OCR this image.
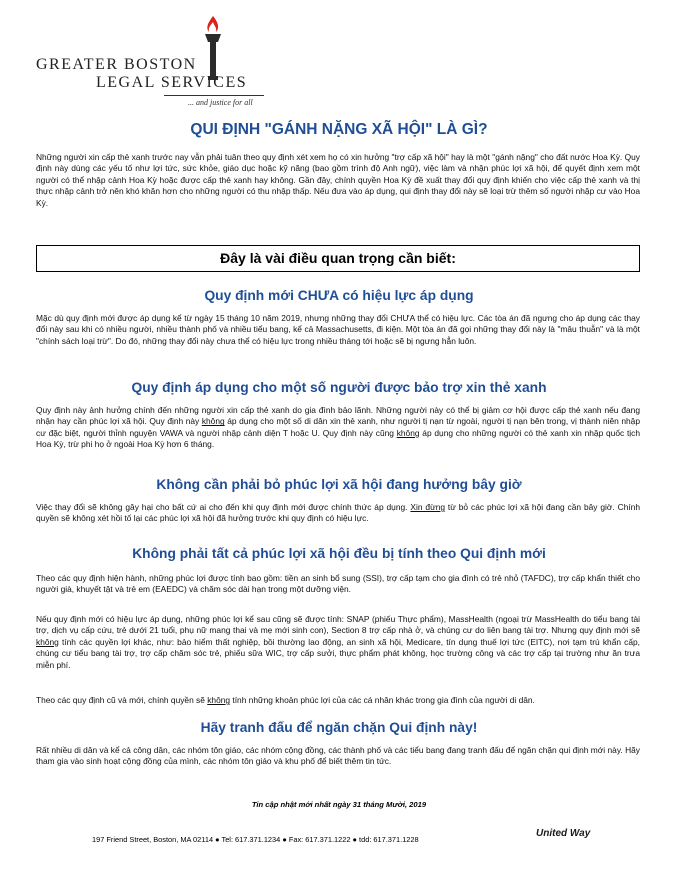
GREATER BOSTON
LEGAL SERVICES
... and justice for all
QUI ĐỊNH "GÁNH NẶNG XÃ HỘI" LÀ GÌ?

Những người xin cấp thẻ xanh trước nay vẫn phải tuân theo quy định xét xem họ có xin hưởng "trợ cấp xã hội" hay là một "gánh nặng" cho đất nước Hoa Kỳ. Quy định này dùng các yếu tố như lợi tức, sức khỏe, giáo dục hoặc kỹ năng (bao gồm trình độ Anh ngữ), việc làm và nhận phúc lợi xã hội, để quyết định xem một người có thể nhập cảnh Hoa Kỳ hoặc được cấp thẻ xanh hay không. Gần đây, chính quyền Hoa Kỳ đề xuất thay đổi quy định khiến cho việc cấp thẻ xanh và thị thực nhập cảnh trở nên khó khăn hơn cho những người có thu nhập thấp. Nếu đưa vào áp dụng, qui định thay đổi này sẽ loại trừ thêm số người nhập cư vào Hoa Kỳ.

Đây là vài điều quan trọng cần biết:
Quy định mới CHƯA có hiệu lực áp dụng

Mặc dù quy định mới được áp dụng kể từ ngày 15 tháng 10 năm 2019, nhưng những thay đổi CHƯA thể có hiệu lực. Các tòa án đã ngưng cho áp dụng các thay đổi này sau khi có nhiều người, nhiều thành phố và nhiều tiểu bang, kể cả Massachusetts, đi kiện. Một tòa án đã gọi những thay đổi này là "mâu thuẫn" và là một "chính sách loại trừ". Do đó, những thay đổi này chưa thể có hiệu lực trong nhiều tháng tới hoặc sẽ bị ngưng hẳn luôn.

Quy định áp dụng cho một số người được bảo trợ xin thẻ xanh

Quy định này ảnh hưởng chính đến những người xin cấp thẻ xanh do gia đình bảo lãnh. Những người này có thể bị giảm cơ hội được cấp thẻ xanh nếu đang nhận hay cần phúc lợi xã hội. Quy định này không áp dụng cho một số di dân xin thẻ xanh, như người tị nạn từ ngoài, người tị nạn bên trong, vị thành niên nhập cư đặc biệt, người thỉnh nguyện VAWA và người nhập cảnh diện T hoặc U. Quy định này cũng không áp dụng cho những người có thẻ xanh xin nhập quốc tịch Hoa Kỳ, trừ phi họ ở ngoài Hoa Kỳ hơn 6 tháng.

Không cần phải bỏ phúc lợi xã hội đang hưởng bây giờ

Việc thay đổi sẽ không gây hại cho bất cứ ai cho đến khi quy định mới được chính thức áp dụng. Xin đừng từ bỏ các phúc lợi xã hội đang cần bây giờ. Chính quyền sẽ không xét hồi tố lại các phúc lợi xã hội đã hưởng trước khi quy định có hiệu lực.

Không phải tất cả phúc lợi xã hội đều bị tính theo Qui định mới

Theo các quy định hiện hành, những phúc lợi được tính bao gồm: tiền an sinh bổ sung (SSI), trợ cấp tạm cho gia đình có trẻ nhỏ (TAFDC), trợ cấp khẩn thiết cho người già, khuyết tật và trẻ em (EAEDC) và chăm sóc dài hạn trong một dưỡng viện.

Nếu quy định mới có hiệu lực áp dụng, những phúc lợi kể sau cũng sẽ được tính: SNAP (phiếu Thực phẩm), MassHealth (ngoại trừ MassHealth do tiểu bang tài trợ, dịch vụ cấp cứu, trẻ dưới 21 tuổi, phụ nữ mang thai và mẹ mới sinh con), Section 8 trợ cấp nhà ở, và chúng cư do liên bang tài trợ. Nhưng quy định mới sẽ không tính các quyền lợi khác, như: bảo hiểm thất nghiệp, bồi thường lao động, an sinh xã hội, Medicare, tín dụng thuế lợi tức (EITC), nơi tạm trú khẩn cấp, chúng cư tiểu bang tài trợ, trợ cấp chăm sóc trẻ, phiếu sữa WIC, trợ cấp sưởi, thực phẩm phát không, học trường công và các trợ cấp tại trường như ăn trưa miễn phí.

Theo các quy định cũ và mới, chính quyền sẽ không tính những khoản phúc lợi của các cá nhân khác trong gia đình của người di dân.

Hãy tranh đấu để ngăn chặn Qui định này!

Rất nhiều di dân và kể cả công dân, các nhóm tôn giáo, các nhóm cộng đồng, các thành phố và các tiểu bang đang tranh đấu để ngăn chặn qui định mới này. Hãy tham gia vào sinh hoạt cộng đồng của mình, các nhóm tôn giáo và khu phố để biết thêm tin tức.

Tin cập nhật mới nhất ngày 31 tháng Mười, 2019
197 Friend Street, Boston, MA 02114 ● Tel: 617.371.1234 ● Fax: 617.371.1222 ● tdd: 617.371.1228
United Way
